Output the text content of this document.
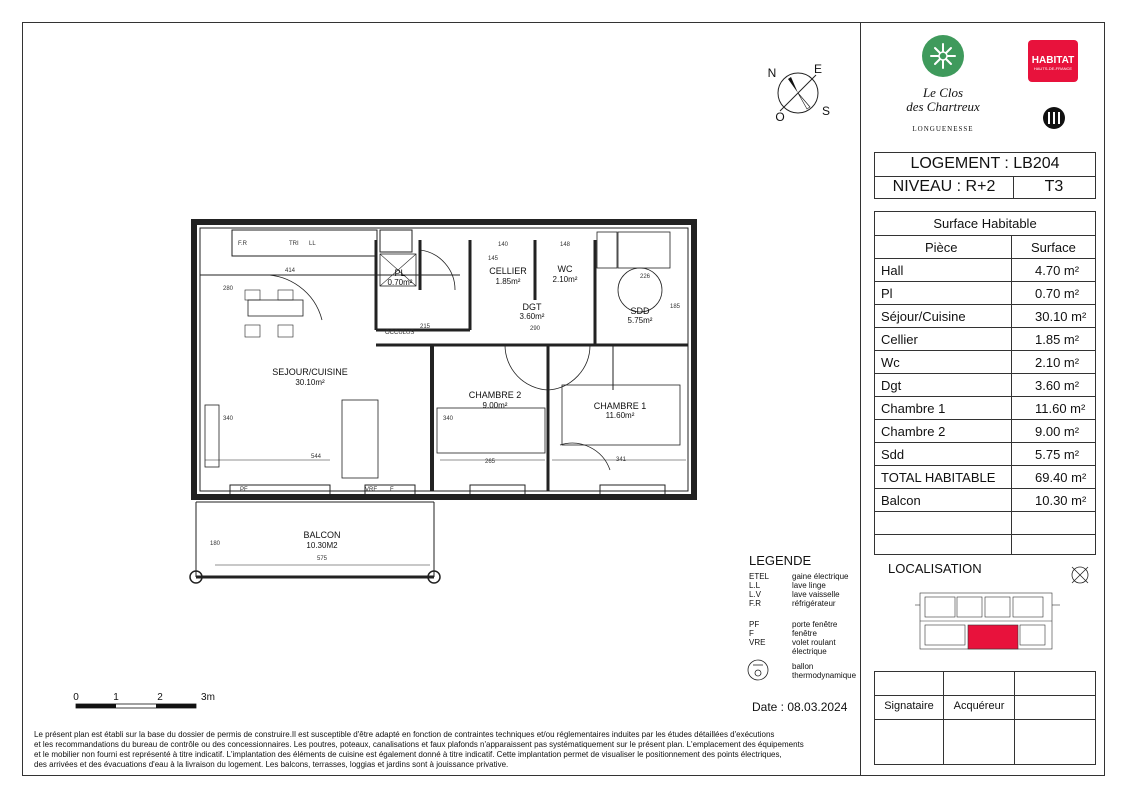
PL
0.70m²
CELLIER
1.85m²
WC
2.10m²
DGT
3.60m²
SDD
5.75m²
SEJOUR/CUISINE
30.10m²
CHAMBRE 2
9.00m²	CHAMBRE 1
11.60m²
BALCON
10.30M2
414
280
140
145
148
226
215	290
185
340
544
340
265	341
575
180
F.R	TRI LL
PF	F
VRE
OCCULUS
N	E
S
O
Le Clos
des Chartreux
LONGUENESSE
HABITAT
HAUTS-DE-FRANCE
LOGEMENT : LB204
NIVEAU : R+2	T3
Surface Habitable
Pièce	Surface
Hall	4.70 m²
Pl	0.70 m²
Séjour/Cuisine	30.10 m²
Cellier	1.85 m²
Wc	2.10 m²
Dgt	3.60 m²
Chambre 1	11.60 m²
Chambre 2	9.00 m²
Sdd	5.75 m²
TOTAL HABITABLE	69.40 m²
Balcon	10.30 m²
LOCALISATION
Signataire	Acquéreur
LEGENDE
ETEL	gaine électrique
L.L	lave linge
L.V	lave vaisselle
F.R	réfrigérateur
PF	porte fenêtre
F	fenêtre
VRE	volet roulant électrique
ballon thermodynamique
Date : 08.03.2024
0	1	2	3m
Le présent plan est établi sur la base du dossier de permis de construire.Il est susceptible d'être adapté en fonction de contraintes techniques et/ou réglementaires induites par les études détaillées d'exécutions
et les recommandations du bureau de contrôle ou des concessionnaires. Les poutres, poteaux, canalisations et faux plafonds n'apparaissent pas systématiquement sur le présent plan. L'emplacement des équipements
et le mobilier non fourni est représenté à titre indicatif. L'implantation des éléments de cuisine est également donné à titre indicatif. Cette implantation permet de visualiser le positionnement des points électriques,
des arrivées et des évacuations d'eau à la livraison du logement. Les balcons, terrasses, loggias et jardins sont à jouissance privative.
